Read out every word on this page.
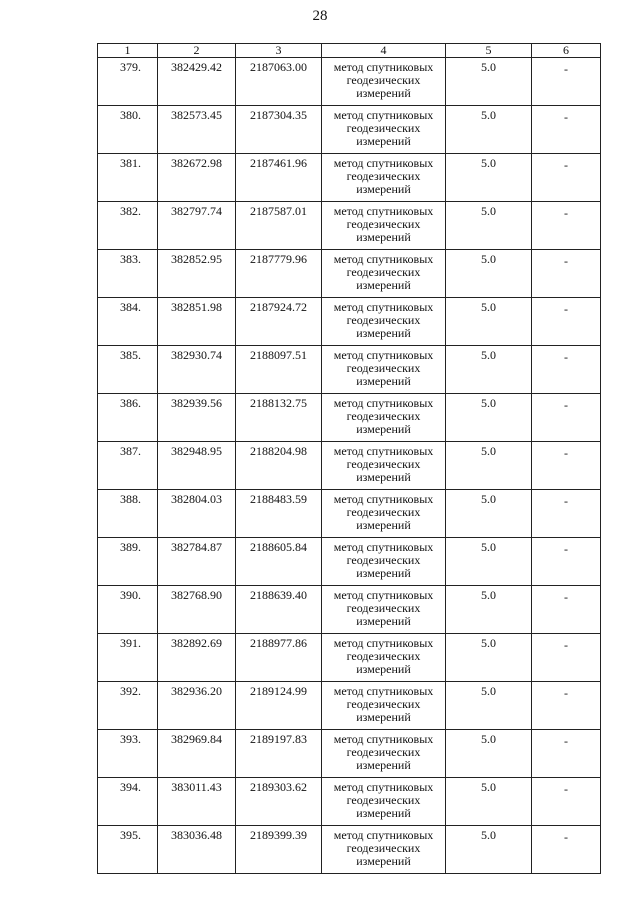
28
1	2	3	4	5	6
379.	382429.42	2187063.00	метод спутниковых геодезических измерений	5.0	-
380.	382573.45	2187304.35	метод спутниковых геодезических измерений	5.0	-
381.	382672.98	2187461.96	метод спутниковых геодезических измерений	5.0	-
382.	382797.74	2187587.01	метод спутниковых геодезических измерений	5.0	-
383.	382852.95	2187779.96	метод спутниковых геодезических измерений	5.0	-
384.	382851.98	2187924.72	метод спутниковых геодезических измерений	5.0	-
385.	382930.74	2188097.51	метод спутниковых геодезических измерений	5.0	-
386.	382939.56	2188132.75	метод спутниковых геодезических измерений	5.0	-
387.	382948.95	2188204.98	метод спутниковых геодезических измерений	5.0	-
388.	382804.03	2188483.59	метод спутниковых геодезических измерений	5.0	-
389.	382784.87	2188605.84	метод спутниковых геодезических измерений	5.0	-
390.	382768.90	2188639.40	метод спутниковых геодезических измерений	5.0	-
391.	382892.69	2188977.86	метод спутниковых геодезических измерений	5.0	-
392.	382936.20	2189124.99	метод спутниковых геодезических измерений	5.0	-
393.	382969.84	2189197.83	метод спутниковых геодезических измерений	5.0	-
394.	383011.43	2189303.62	метод спутниковых геодезических измерений	5.0	-
395.	383036.48	2189399.39	метод спутниковых геодезических измерений	5.0	-
